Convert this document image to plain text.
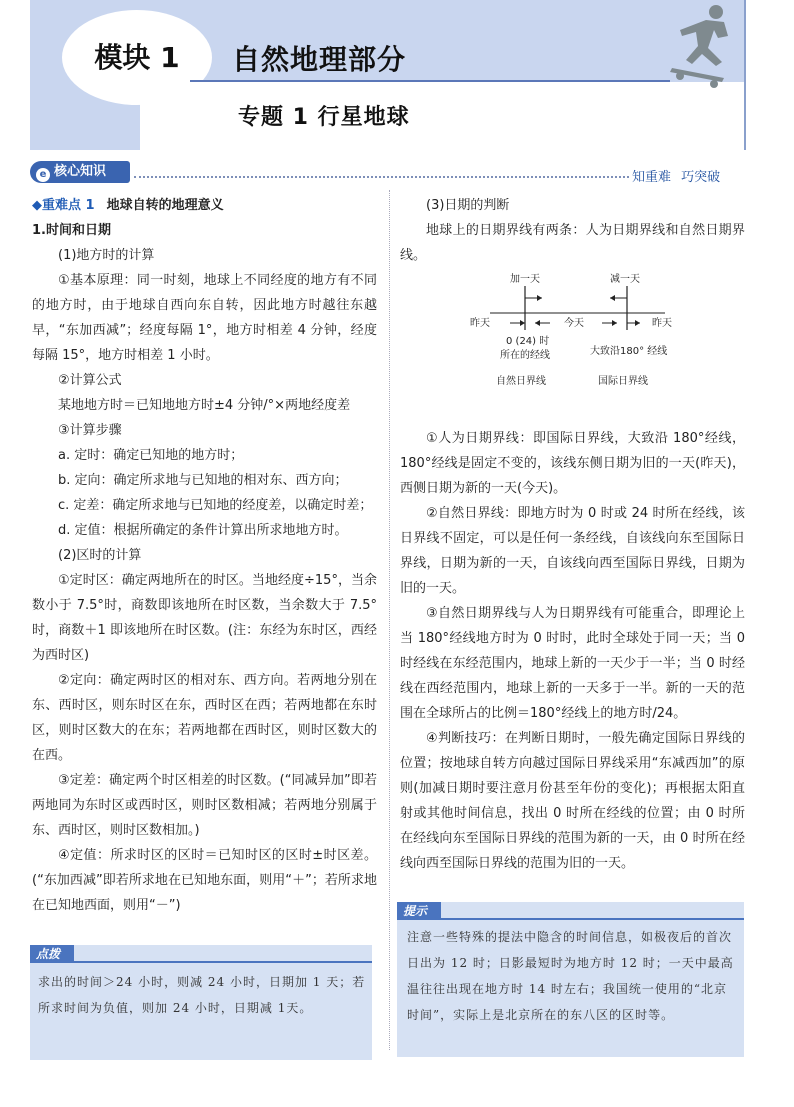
模块 1	自然地理部分
专题 1 行星地球
e 核心知识	知重难 巧突破

◆重难点 1 地球自转的地理意义

1.时间和日期

(1)地方时的计算

①基本原理：同一时刻，地球上不同经度的地方有不同的地方时，由于地球自西向东自转，因此地方时越往东越早，“东加西减”；经度每隔 1°，地方时相差 4 分钟，经度每隔 15°，地方时相差 1 小时。

②计算公式

某地地方时＝已知地地方时±4 分钟/°×两地经度差

③计算步骤

a. 定时：确定已知地的地方时；

b. 定向：确定所求地与已知地的相对东、西方向；

c. 定差：确定所求地与已知地的经度差，以确定时差；

d. 定值：根据所确定的条件计算出所求地地方时。

(2)区时的计算

①定时区：确定两地所在的时区。当地经度÷15°，当余数小于 7.5°时，商数即该地所在时区数，当余数大于 7.5°时，商数＋1 即该地所在时区数。(注：东经为东时区，西经为西时区)

②定向：确定两时区的相对东、西方向。若两地分别在东、西时区，则东时区在东，西时区在西；若两地都在东时区，则时区数大的在东；若两地都在西时区，则时区数大的在西。

③定差：确定两个时区相差的时区数。(“同减异加”即若两地同为东时区或西时区，则时区数相减；若两地分别属于东、西时区，则时区数相加。)

④定值：所求时区的区时＝已知时区的区时±时区差。(“东加西减”即若所求地在已知地东面，则用“＋”；若所求地在已知地西面，则用“－”)

(3)日期的判断

地球上的日期界线有两条：人为日期界线和自然日期界线。

①人为日期界线：即国际日界线，大致沿 180°经线，180°经线是固定不变的，该线东侧日期为旧的一天(昨天)，西侧日期为新的一天(今天)。

②自然日界线：即地方时为 0 时或 24 时所在经线，该日界线不固定，可以是任何一条经线，自该线向东至国际日界线，日期为新的一天，自该线向西至国际日界线，日期为旧的一天。

③自然日期界线与人为日期界线有可能重合，即理论上当 180°经线地方时为 0 时时，此时全球处于同一天；当 0 时经线在东经范围内，地球上新的一天少于一半；当 0 时经线在西经范围内，地球上新的一天多于一半。新的一天的范围在全球所占的比例＝180°经线上的地方时/24。

④判断技巧：在判断日期时，一般先确定国际日界线的位置；按地球自转方向越过国际日界线采用“东减西加”的原则(加减日期时要注意月份甚至年份的变化)；再根据太阳直射或其他时间信息，找出 0 时所在经线的位置；由 0 时所在经线向东至国际日界线的范围为新的一天，由 0 时所在经线向西至国际日界线的范围为旧的一天。

加一天	减一天
昨天	今天	昨天
0 (24) 时
所在的经线	大致沿180° 经线
自然日界线	国际日界线
点拨
求出的时间＞24 小时，则减 24 小时，日期加 1 天；若所求时间为负值，则加 24 小时，日期减 1天。
提示
注意一些特殊的提法中隐含的时间信息，如极夜后的首次日出为 12 时；日影最短时为地方时 12 时；一天中最高温往往出现在地方时 14 时左右；我国统一使用的“北京时间”，实际上是北京所在的东八区的区时等。
